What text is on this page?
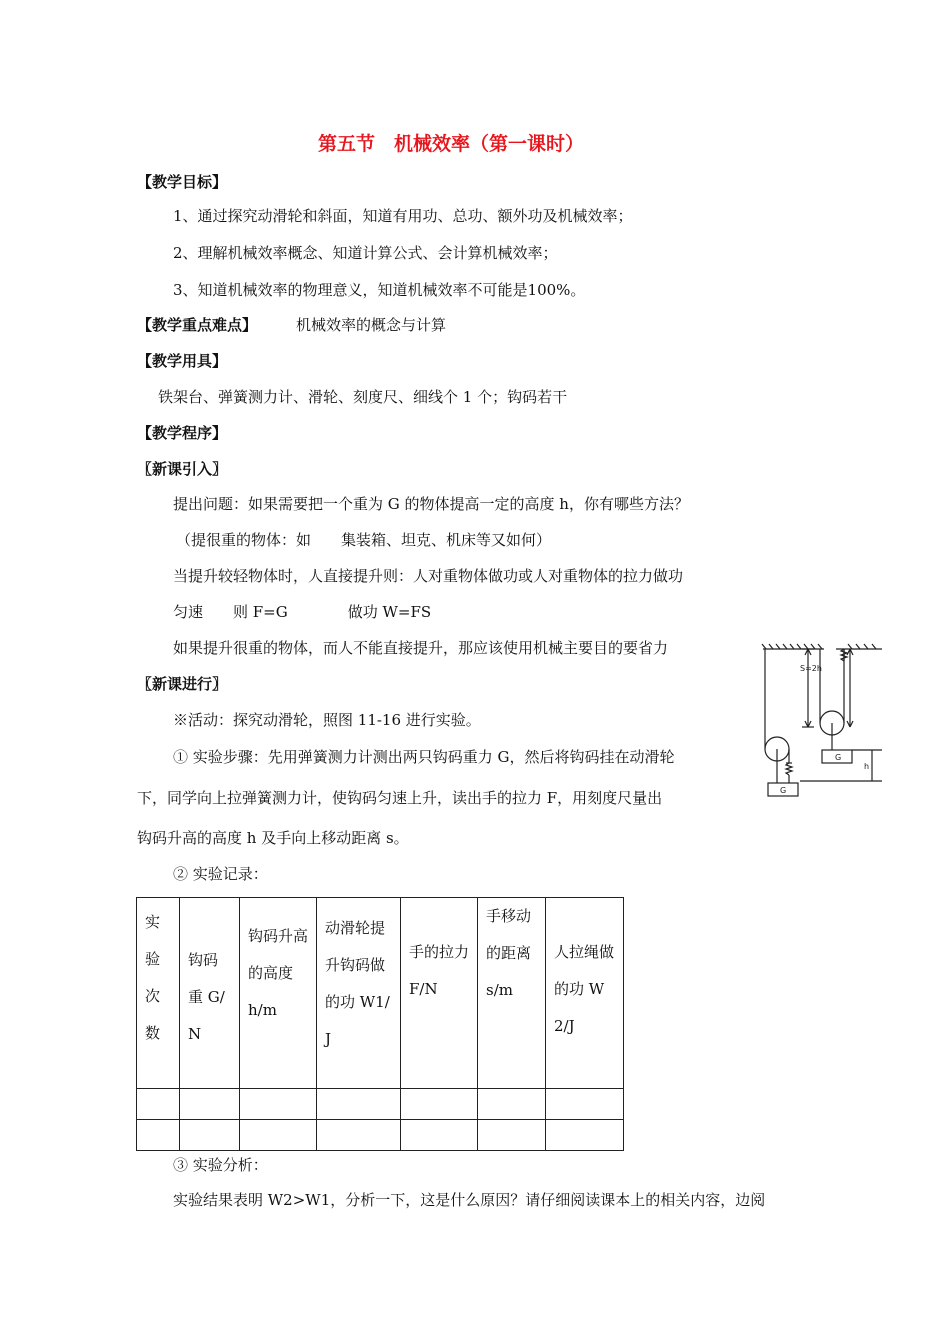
第五节　机械效率（第一课时）
【教学目标】
1、通过探究动滑轮和斜面，知道有用功、总功、额外功及机械效率；
2、理解机械效率概念、知道计算公式、会计算机械效率；
3、知道机械效率的物理意义，知道机械效率不可能是100%。
【教学重点难点】	机械效率的概念与计算
【教学用具】
铁架台、弹簧测力计、滑轮、刻度尺、细线个 1 个；钩码若干
【教学程序】
〖新课引入〗
提出问题：如果需要把一个重为 G 的物体提高一定的高度 h，你有哪些方法？
（提很重的物体：如　　集装箱、坦克、机床等又如何）
当提升较轻物体时，人直接提升则：人对重物体做功或人对重物体的拉力做功
匀速　　则 F=G　　　　做功 W=FS
如果提升很重的物体，而人不能直接提升，那应该使用机械主要目的要省力
〖新课进行〗
※活动：探究动滑轮，照图 11-16 进行实验。
① 实验步骤：先用弹簧测力计测出两只钩码重力 G，然后将钩码挂在动滑轮
下，同学向上拉弹簧测力计，使钩码匀速上升，读出手的拉力 F，用刻度尺量出
钩码升高的高度 h 及手向上移动距离 s。
② 实验记录：
S=2h
h
G
G
实验次数	钩码重 G/N	钩码升高的高度 h/m	动滑轮提升钩码做的功 W1/J	手的拉力 F/N	手移动的距离 s/m	人拉绳做的功 W2/J

③ 实验分析：
实验结果表明 W2>W1，分析一下，这是什么原因？请仔细阅读课本上的相关内容，边阅
